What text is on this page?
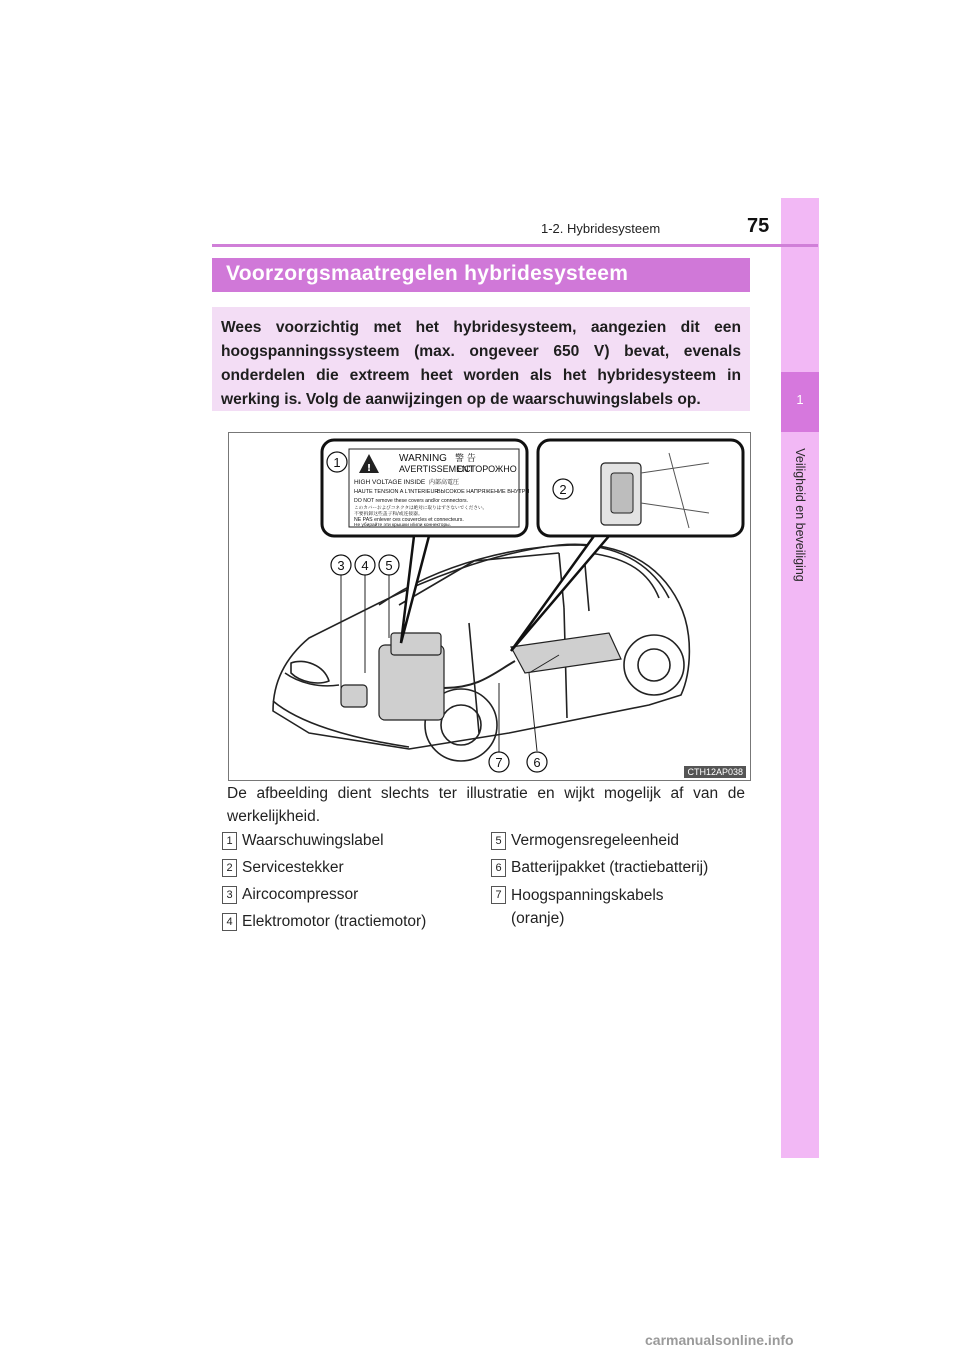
1
Veiligheid en beveiliging
1-2. Hybridesysteem	75
Voorzorgsmaatregelen hybridesysteem
Wees voorzichtig met het hybridesysteem, aangezien dit een hoogspanningssysteem (max. ongeveer 650 V) bevat, evenals onderdelen die extreem heet worden als het hybridesysteem in werking is. Volg de aanwijzingen op de waarschuwingslabels op.
!
WARNING 警 告
AVERTISSEMENT
ОСТОРОЖНО
HIGH VOLTAGE INSIDE 内部高電圧
HAUTE TENSION A L'INTERIEUR
ВЫСОКОЕ НАПРЯЖЕНИЕ ВНУТРИ
DO NOT remove these covers and/or connectors.
このカバーおよびコネクタは絶対に取りはずさないでください。
不要拆卸这些盖子和/或连接器。
NE PAS enlever ces couvercles et connecteurs.
Не убирайте эти крышки и/или коннекторы.
1
2
3 4 5
6
7
CTH12AP038
De afbeelding dient slechts ter illustratie en wijkt mogelijk af van de werkelijkheid.
1 Waarschuwingslabel
2 Servicestekker
3 Aircocompressor
4 Elektromotor (tractiemotor)
5 Vermogensregeleenheid
6 Batterijpakket (tractiebatterij)
7 Hoogspanningskabels (oranje)
carmanualsonline.info
